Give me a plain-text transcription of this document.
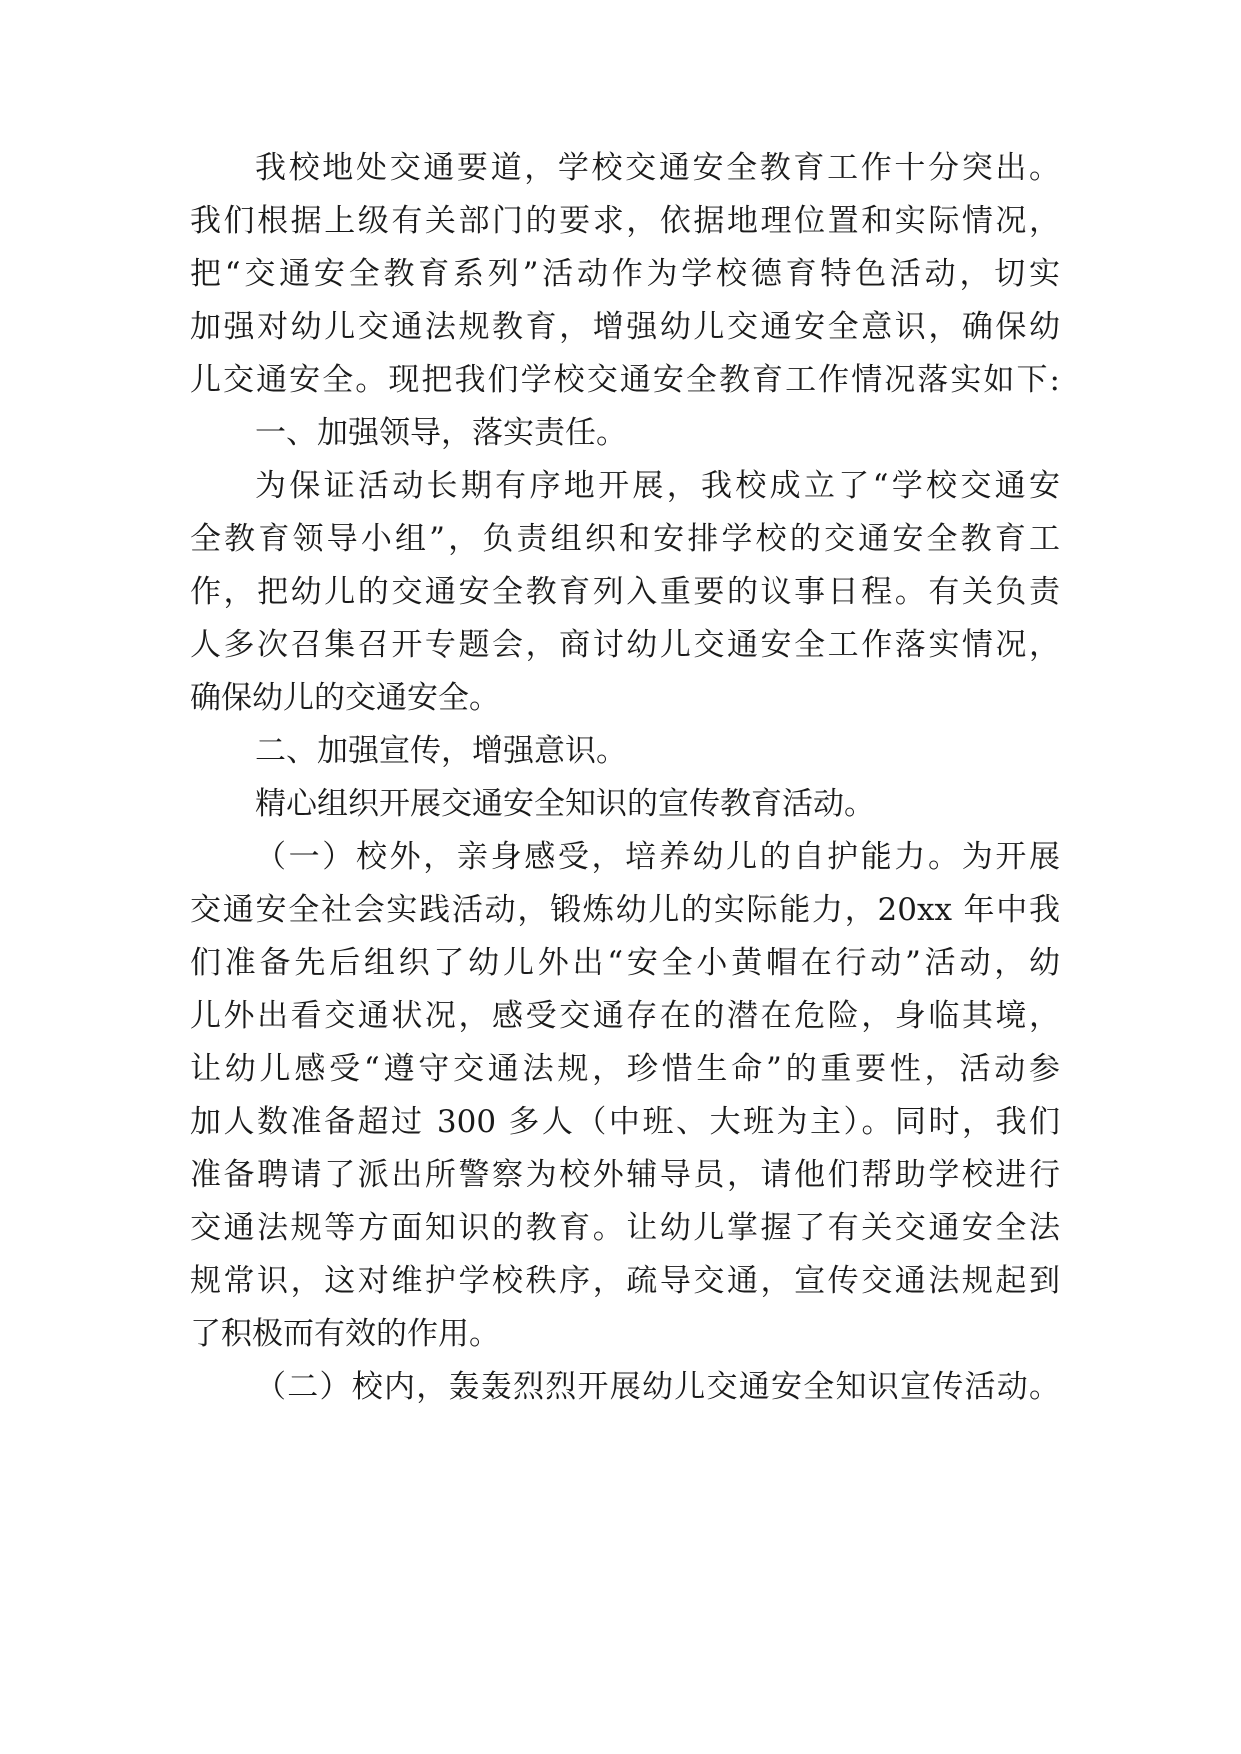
我校地处交通要道，学校交通安全教育工作十分突出。

我们根据上级有关部门的要求，依据地理位置和实际情况，

把“交通安全教育系列”活动作为学校德育特色活动，切实

加强对幼儿交通法规教育，增强幼儿交通安全意识，确保幼

儿交通安全。现把我们学校交通安全教育工作情况落实如下:

一、加强领导，落实责任。

为保证活动长期有序地开展，我校成立了“学校交通安

全教育领导小组”，负责组织和安排学校的交通安全教育工

作，把幼儿的交通安全教育列入重要的议事日程。有关负责

人多次召集召开专题会，商讨幼儿交通安全工作落实情况，

确保幼儿的交通安全。

二、加强宣传，增强意识。

精心组织开展交通安全知识的宣传教育活动。

（一）校外，亲身感受，培养幼儿的自护能力。为开展

交通安全社会实践活动，锻炼幼儿的实际能力，20xx 年中我

们准备先后组织了幼儿外出“安全小黄帽在行动”活动，幼

儿外出看交通状况，感受交通存在的潜在危险，身临其境，

让幼儿感受“遵守交通法规，珍惜生命”的重要性，活动参

加人数准备超过 300 多人（中班、大班为主）。同时，我们

准备聘请了派出所警察为校外辅导员，请他们帮助学校进行

交通法规等方面知识的教育。让幼儿掌握了有关交通安全法

规常识，这对维护学校秩序，疏导交通，宣传交通法规起到

了积极而有效的作用。

（二）校内，轰轰烈烈开展幼儿交通安全知识宣传活动。
